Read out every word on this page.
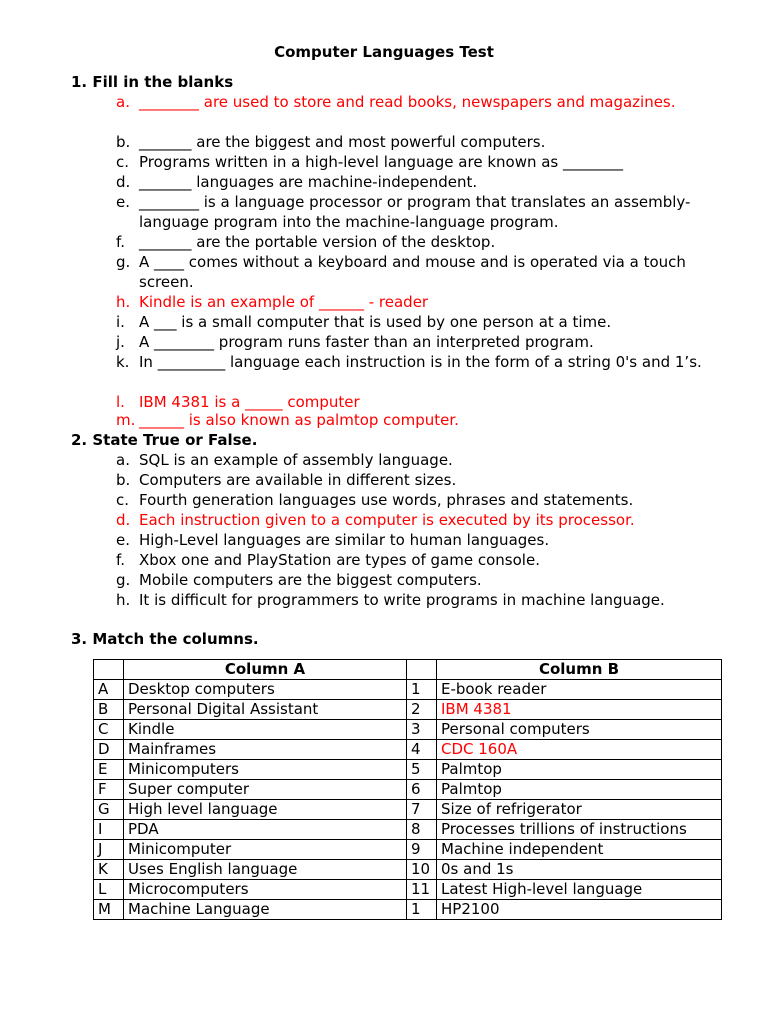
Computer Languages Test
1. Fill in the blanks
a. ________ are used to store and read books, newspapers and magazines.
b. _______ are the biggest and most powerful computers.
c. Programs written in a high-level language are known as ________
d. _______ languages are machine-independent.
e. ________ is a language processor or program that translates an assembly-language program into the machine-language program.
f. _______ are the portable version of the desktop.
g. A ____ comes without a keyboard and mouse and is operated via a touch screen.
h. Kindle is an example of ______ - reader
i. A ___ is a small computer that is used by one person at a time.
j. A ________ program runs faster than an interpreted program.
k. In _________ language each instruction is in the form of a string 0's and 1’s.
l. IBM 4381 is a _____ computer
m. ______ is also known as palmtop computer.
2. State True or False.
a. SQL is an example of assembly language.
b. Computers are available in different sizes.
c. Fourth generation languages use words, phrases and statements.
d. Each instruction given to a computer is executed by its processor.
e. High-Level languages are similar to human languages.
f. Xbox one and PlayStation are types of game console.
g. Mobile computers are the biggest computers.
h. It is difficult for programmers to write programs in machine language.
3. Match the columns.
	Column A		Column B
A	Desktop computers	1	E-book reader
B	Personal Digital Assistant	2	IBM 4381
C	Kindle	3	Personal computers
D	Mainframes	4	CDC 160A
E	Minicomputers	5	Palmtop
F	Super computer	6	Palmtop
G	High level language	7	Size of refrigerator
I	PDA	8	Processes trillions of instructions
J	Minicomputer	9	Machine independent
K	Uses English language	10	0s and 1s
L	Microcomputers	11	Latest High-level language
M	Machine Language	1	HP2100
